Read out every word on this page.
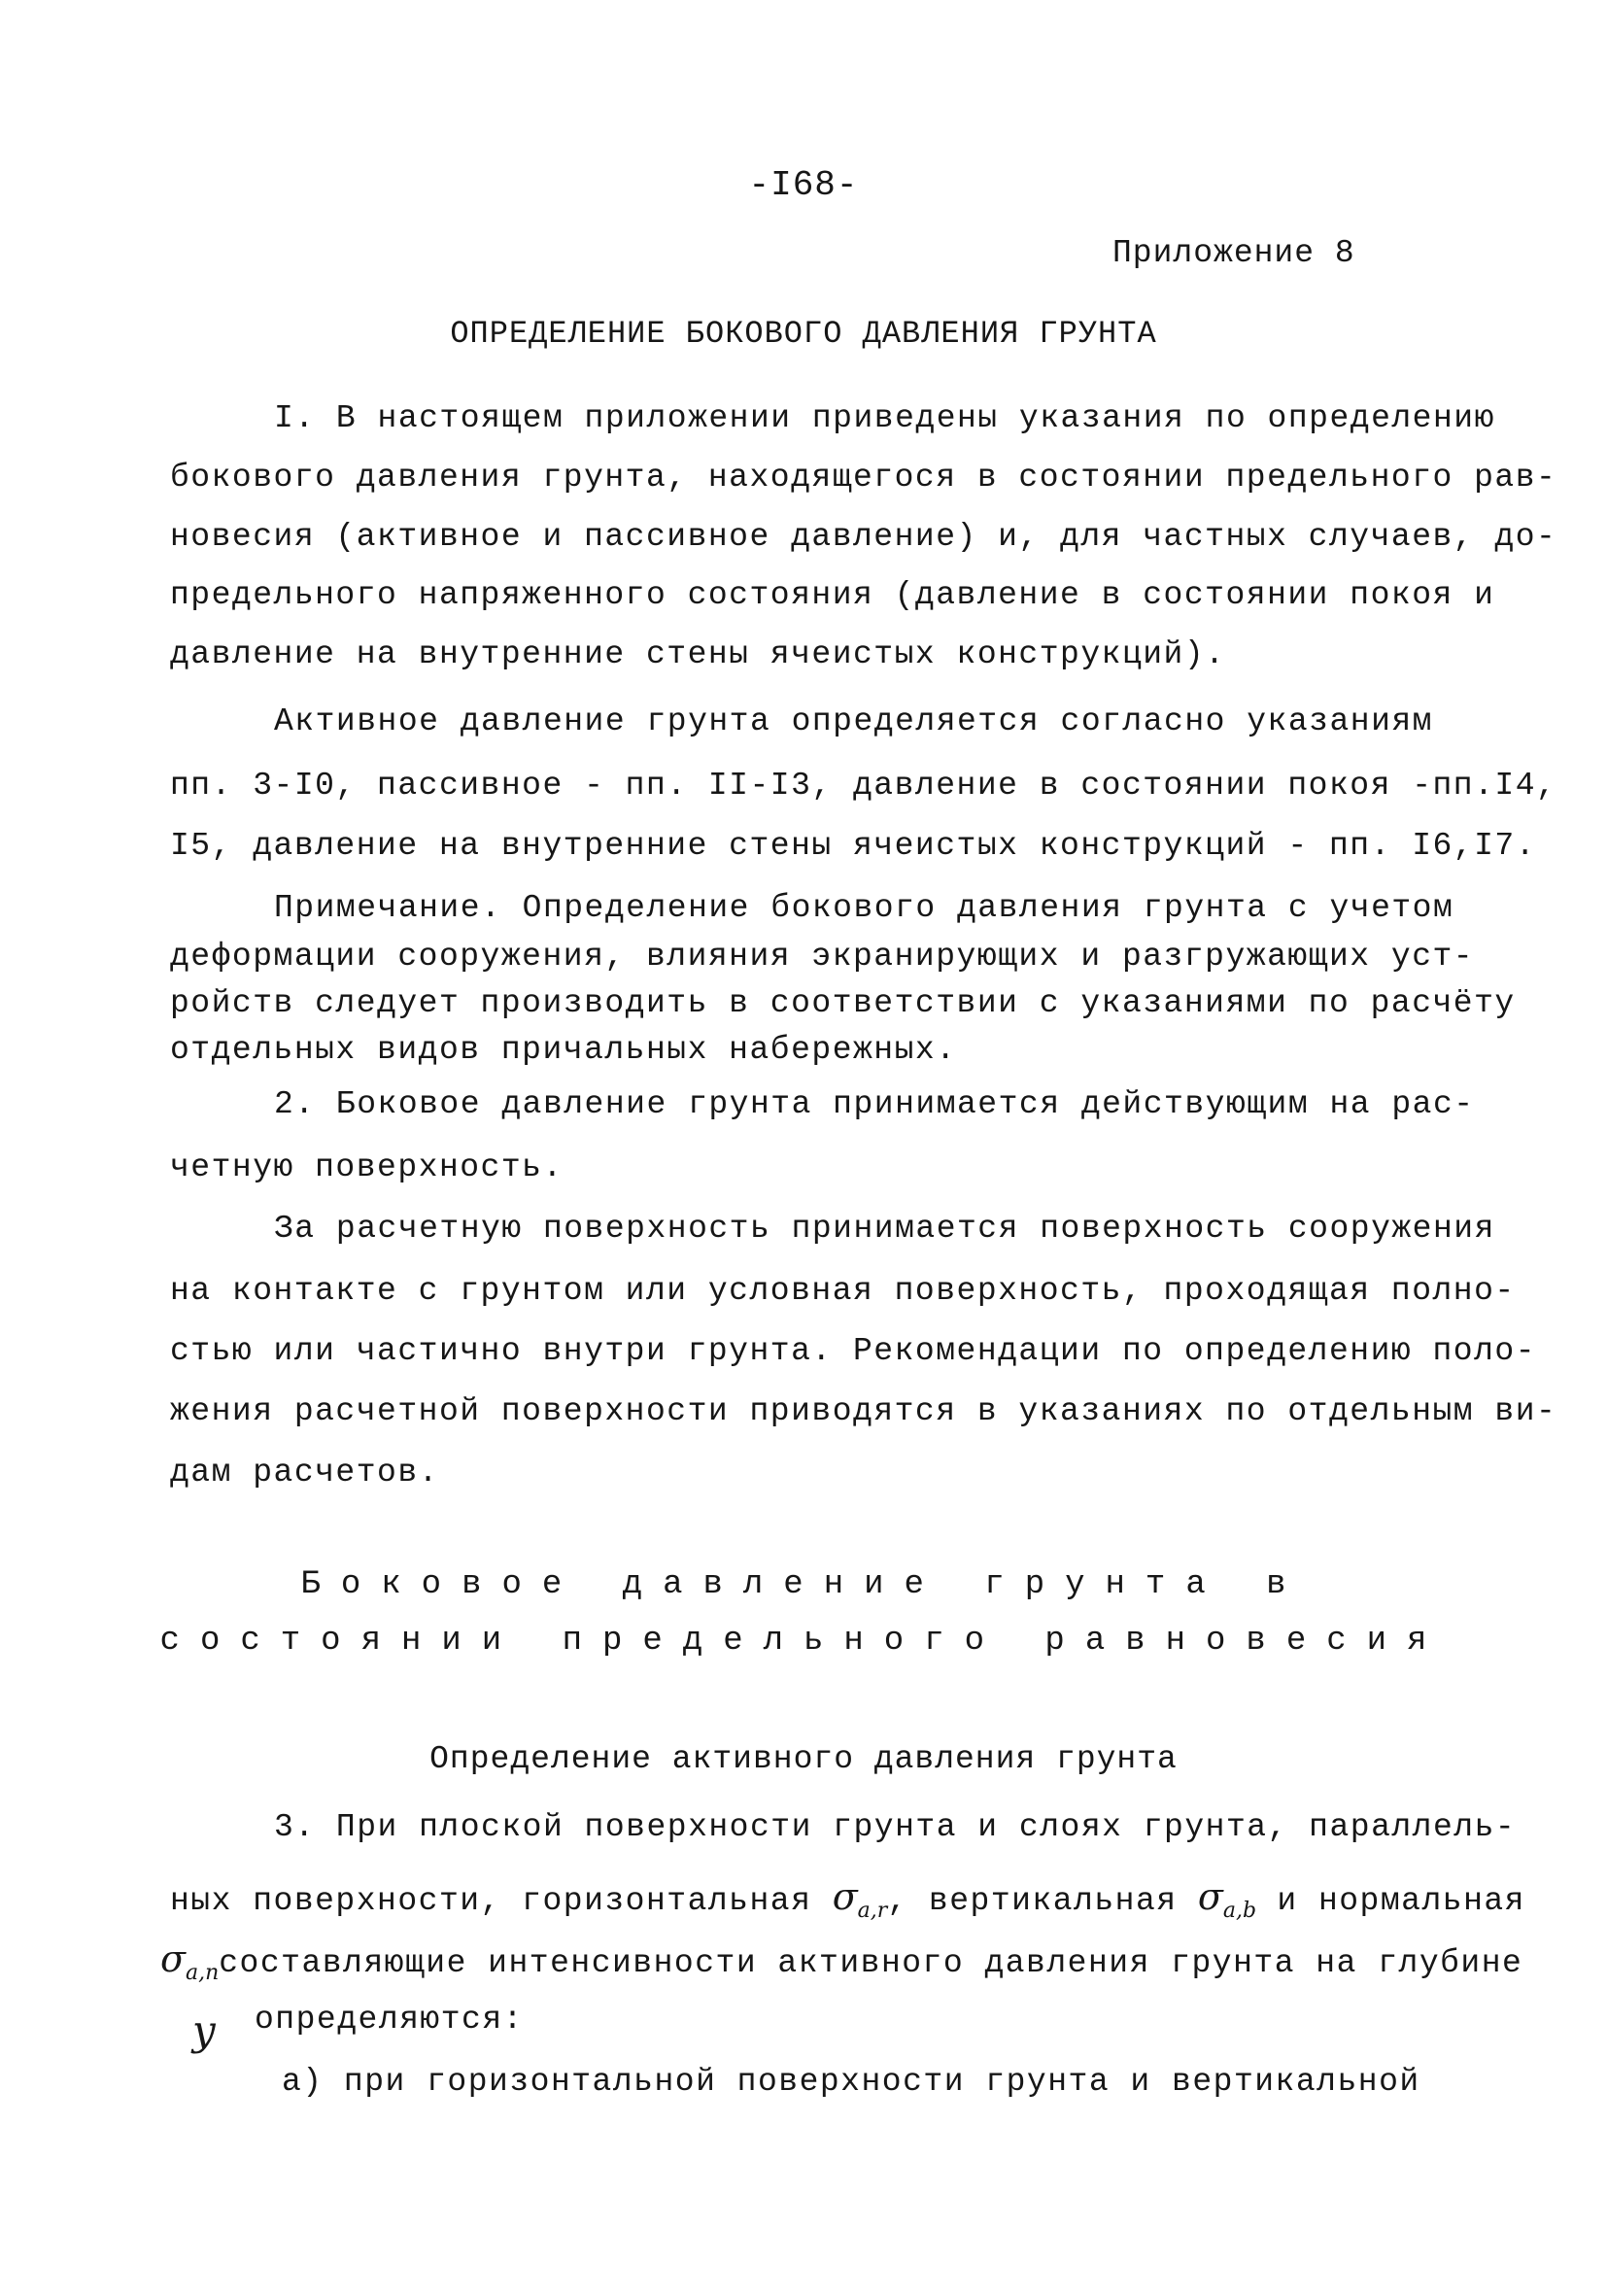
-I68-
Приложение 8
ОПРЕДЕЛЕНИЕ БОКОВОГО ДАВЛЕНИЯ ГРУНТА
I. В настоящем приложении приведены указания по определению
бокового давления грунта, находящегося в состоянии предельного рав-
новесия (активное и пассивное давление) и, для частных случаев, до-
предельного напряженного состояния (давление в состоянии покоя и
давление на внутренние стены ячеистых конструкций).
Активное давление грунта определяется согласно указаниям
пп. 3-I0, пассивное - пп. II-I3, давление в состоянии покоя -пп.I4,
I5, давление на внутренние стены ячеистых конструкций - пп. I6,I7.
Примечание. Определение бокового давления грунта с учетом
деформации сооружения, влияния экранирующих и разгружающих уст-
ройств следует производить в соответствии с указаниями по расчёту
отдельных видов причальных набережных.
2. Боковое давление грунта принимается действующим на рас-
четную поверхность.
За расчетную поверхность принимается поверхность сооружения
на контакте с грунтом или условная поверхность, проходящая полно-
стью или частично внутри грунта. Рекомендации по определению поло-
жения расчетной поверхности приводятся в указаниях по отдельным ви-
дам расчетов.
Боковое давление грунта в
состоянии предельного равновесия
Определение активного давления грунта
3. При плоской поверхности грунта и слоях грунта, параллель-
ных поверхности, горизонтальная $\sigma_{a,r}$, вертикальная $\sigma_{a,b}$ и нормальная
$\sigma_{a,n}составляющие$ интенсивности активного давления грунта на глубине
y определяются:
а) при горизонтальной поверхности грунта и вертикальной
